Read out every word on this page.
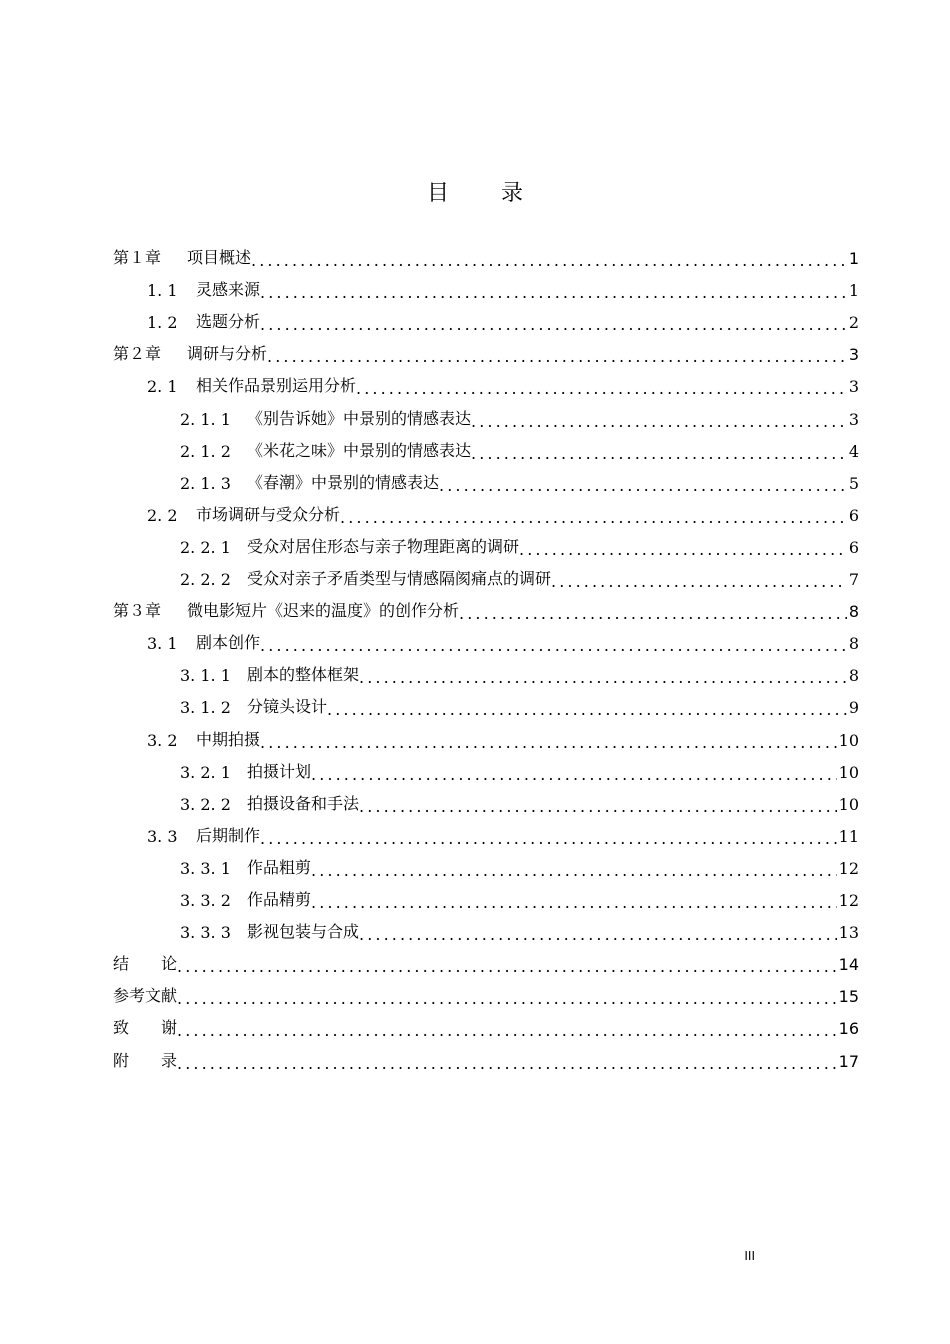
目 录
第１章	项目概述 .....	1
1. 1	灵感来源 .....	1
1. 2	选题分析 .....	2
第２章	调研与分析 .....	3
2. 1	相关作品景别运用分析 .....	3
2. 1. 1	《别告诉她》中景别的情感表达 .....	3
2. 1. 2	《米花之味》中景别的情感表达 .....	4
2. 1. 3	《春潮》中景别的情感表达 .....	5
2. 2	市场调研与受众分析 .....	6
2. 2. 1	受众对居住形态与亲子物理距离的调研 .....	6
2. 2. 2	受众对亲子矛盾类型与情感隔阂痛点的调研 .....	7
第３章	微电影短片《迟来的温度》的创作分析 .....	8
3. 1	剧本创作 .....	8
3. 1. 1	剧本的整体框架 .....	8
3. 1. 2	分镜头设计 .....	9
3. 2	中期拍摄 .....	10
3. 2. 1	拍摄计划 .....	10
3. 2. 2	拍摄设备和手法 .....	10
3. 3	后期制作 .....	11
3. 3. 1	作品粗剪 .....	12
3. 3. 2	作品精剪 .....	12
3. 3. 3	影视包装与合成 .....	13
结　　论 .....	14
参考文献 .....	15
致　　谢 .....	16
附　　录 .....	17
III
